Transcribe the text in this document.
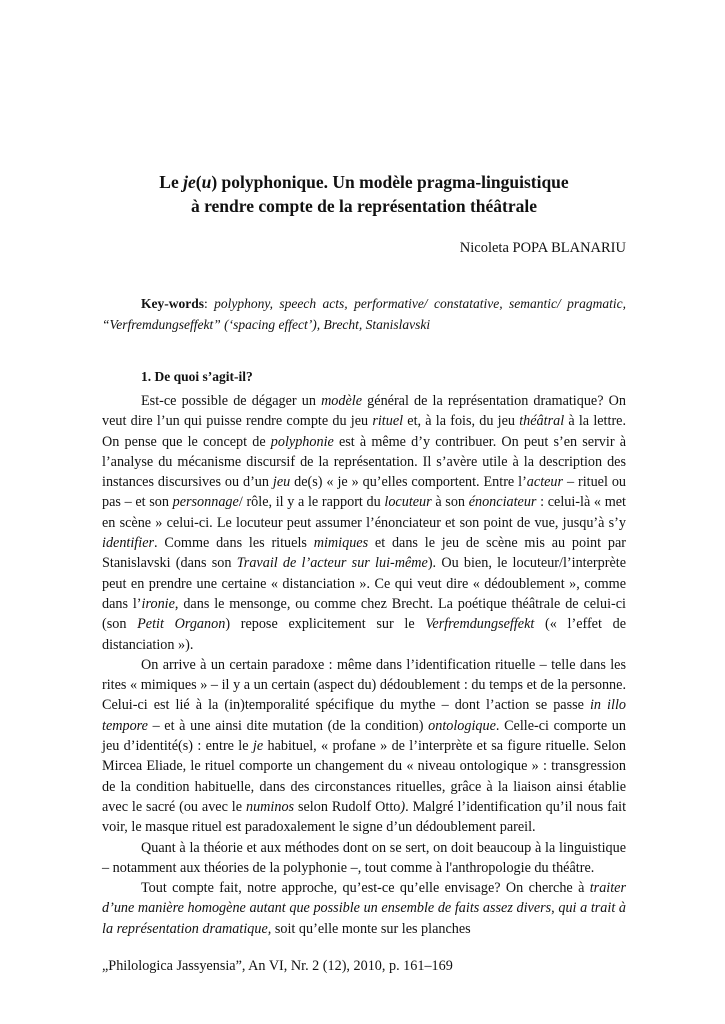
Le je(u) polyphonique. Un modèle pragma-linguistique
à rendre compte de la représentation théâtrale
Nicoleta POPA BLANARIU

Key-words: polyphony, speech acts, performative/ constatative, semantic/ pragmatic, “Verfremdungseffekt” (‘spacing effect’), Brecht, Stanislavski

1. De quoi s’agit-il?

Est-ce possible de dégager un modèle général de la représentation dramatique? On veut dire l’un qui puisse rendre compte du jeu rituel et, à la fois, du jeu théâtral à la lettre. On pense que le concept de polyphonie est à même d’y contribuer. On peut s’en servir à l’analyse du mécanisme discursif de la représentation. Il s’avère utile à la description des instances discursives ou d’un jeu de(s) « je » qu’elles comportent. Entre l’acteur – rituel ou pas – et son personnage/ rôle, il y a le rapport du locuteur à son énonciateur : celui-là « met en scène » celui-ci. Le locuteur peut assumer l’énonciateur et son point de vue, jusqu’à s’y identifier. Comme dans les rituels mimiques et dans le jeu de scène mis au point par Stanislavski (dans son Travail de l’acteur sur lui-même). Ou bien, le locuteur/l’interprète peut en prendre une certaine « distanciation ». Ce qui veut dire « dédoublement », comme dans l’ironie, dans le mensonge, ou comme chez Brecht. La poétique théâtrale de celui-ci (son Petit Organon) repose explicitement sur le Verfremdungseffekt (« l’effet de distanciation »).

On arrive à un certain paradoxe : même dans l’identification rituelle – telle dans les rites « mimiques » – il y a un certain (aspect du) dédoublement : du temps et de la personne. Celui-ci est lié à la (in)temporalité spécifique du mythe – dont l’action se passe in illo tempore – et à une ainsi dite mutation (de la condition) ontologique. Celle-ci comporte un jeu d’identité(s) : entre le je habituel, « profane » de l’interprète et sa figure rituelle. Selon Mircea Eliade, le rituel comporte un changement du « niveau ontologique » : transgression de la condition habituelle, dans des circonstances rituelles, grâce à la liaison ainsi établie avec le sacré (ou avec le numinos selon Rudolf Otto). Malgré l’identification qu’il nous fait voir, le masque rituel est paradoxalement le signe d’un dédoublement pareil.

Quant à la théorie et aux méthodes dont on se sert, on doit beaucoup à la linguistique – notamment aux théories de la polyphonie –, tout comme à l'anthropologie du théâtre.

Tout compte fait, notre approche, qu’est-ce qu’elle envisage? On cherche à traiter d’une manière homogène autant que possible un ensemble de faits assez divers, qui a trait à la représentation dramatique, soit qu’elle monte sur les planches

„Philologica Jassyensia”, An VI, Nr. 2 (12), 2010, p. 161–169
